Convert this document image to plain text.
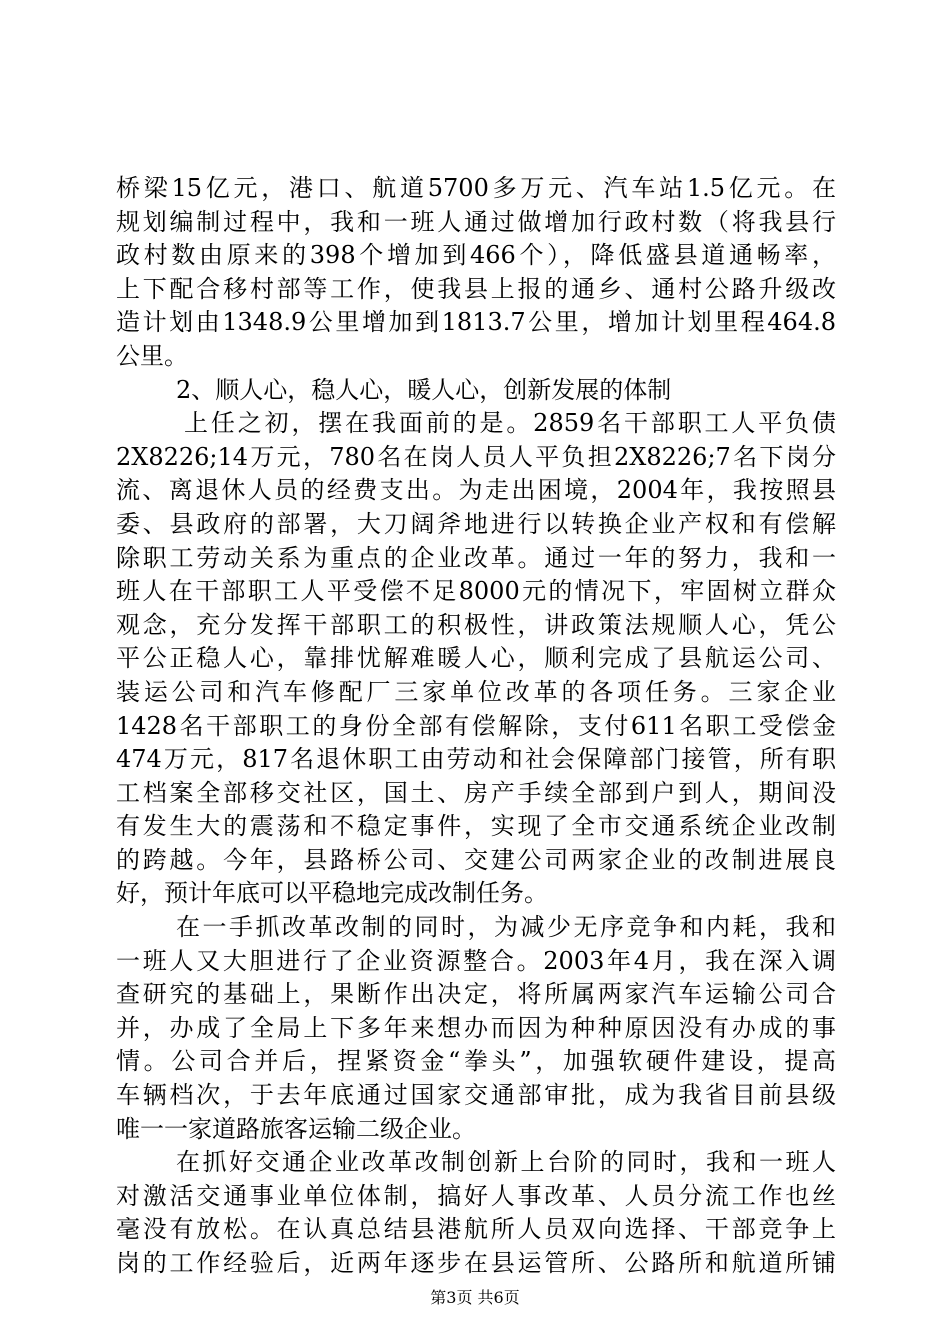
桥梁15亿元，港口、航道5700多万元、汽车站1.5亿元。在
规划编制过程中，我和一班人通过做增加行政村数（将我县行
政村数由原来的398个增加到466个），降低盛县道通畅率，
上下配合移村部等工作，使我县上报的通乡、通村公路升级改
造计划由1348.9公里增加到1813.7公里，增加计划里程464.8
公里。
2、顺人心，稳人心，暖人心，创新发展的体制
上任之初，摆在我面前的是。2859名干部职工人平负债
2X8226;14万元，780名在岗人员人平负担2X8226;7名下岗分
流、离退休人员的经费支出。为走出困境，2004年，我按照县
委、县政府的部署，大刀阔斧地进行以转换企业产权和有偿解
除职工劳动关系为重点的企业改革。通过一年的努力，我和一
班人在干部职工人平受偿不足8000元的情况下，牢固树立群众
观念，充分发挥干部职工的积极性，讲政策法规顺人心，凭公
平公正稳人心，靠排忧解难暖人心，顺利完成了县航运公司、
装运公司和汽车修配厂三家单位改革的各项任务。三家企业
1428名干部职工的身份全部有偿解除，支付611名职工受偿金
474万元，817名退休职工由劳动和社会保障部门接管，所有职
工档案全部移交社区，国土、房产手续全部到户到人，期间没
有发生大的震荡和不稳定事件，实现了全市交通系统企业改制
的跨越。今年，县路桥公司、交建公司两家企业的改制进展良
好，预计年底可以平稳地完成改制任务。
在一手抓改革改制的同时，为减少无序竞争和内耗，我和
一班人又大胆进行了企业资源整合。2003年4月，我在深入调
查研究的基础上，果断作出决定，将所属两家汽车运输公司合
并，办成了全局上下多年来想办而因为种种原因没有办成的事
情。公司合并后，捏紧资金“拳头”，加强软硬件建设，提高
车辆档次，于去年底通过国家交通部审批，成为我省目前县级
唯一一家道路旅客运输二级企业。
在抓好交通企业改革改制创新上台阶的同时，我和一班人
对激活交通事业单位体制，搞好人事改革、人员分流工作也丝
毫没有放松。在认真总结县港航所人员双向选择、干部竞争上
岗的工作经验后，近两年逐步在县运管所、公路所和航道所铺
第3页 共6页
